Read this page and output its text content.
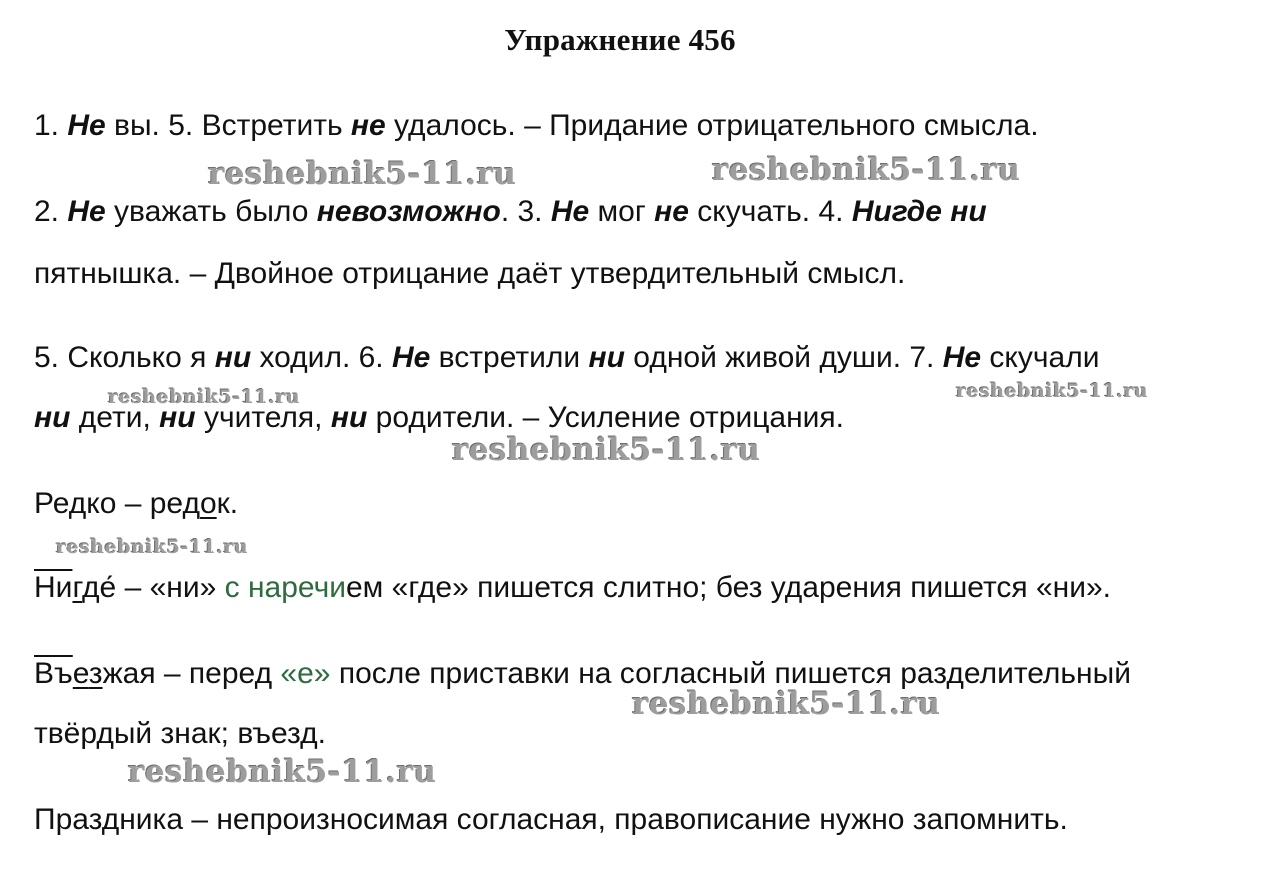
Упражнение 456
1. Не вы. 5. Встретить не удалось. – Придание отрицательного смысла.
2. Не уважать было невозможно. 3. Не мог не скучать. 4. Нигде ни
пятнышка. – Двойное отрицание даёт утвердительный смысл.
5. Сколько я ни ходил. 6. Не встретили ни одной живой души. 7. Не скучали
ни дети, ни учителя, ни родители. – Усиление отрицания.
Редко – редок.
Нигде́ – «ни» с наречием «где» пишется слитно; без ударения пишется «ни».
Въезжая – перед «е» после приставки на согласный пишется разделительный
твёрдый знак; въезд.
Праздника – непроизносимая согласная, правописание нужно запомнить.
reshebnik5-11.ru	reshebnik5-11.ru
reshebnik5-11.ru	reshebnik5-11.ru
reshebnik5-11.ru
reshebnik5-11.ru
reshebnik5-11.ru
reshebnik5-11.ru
